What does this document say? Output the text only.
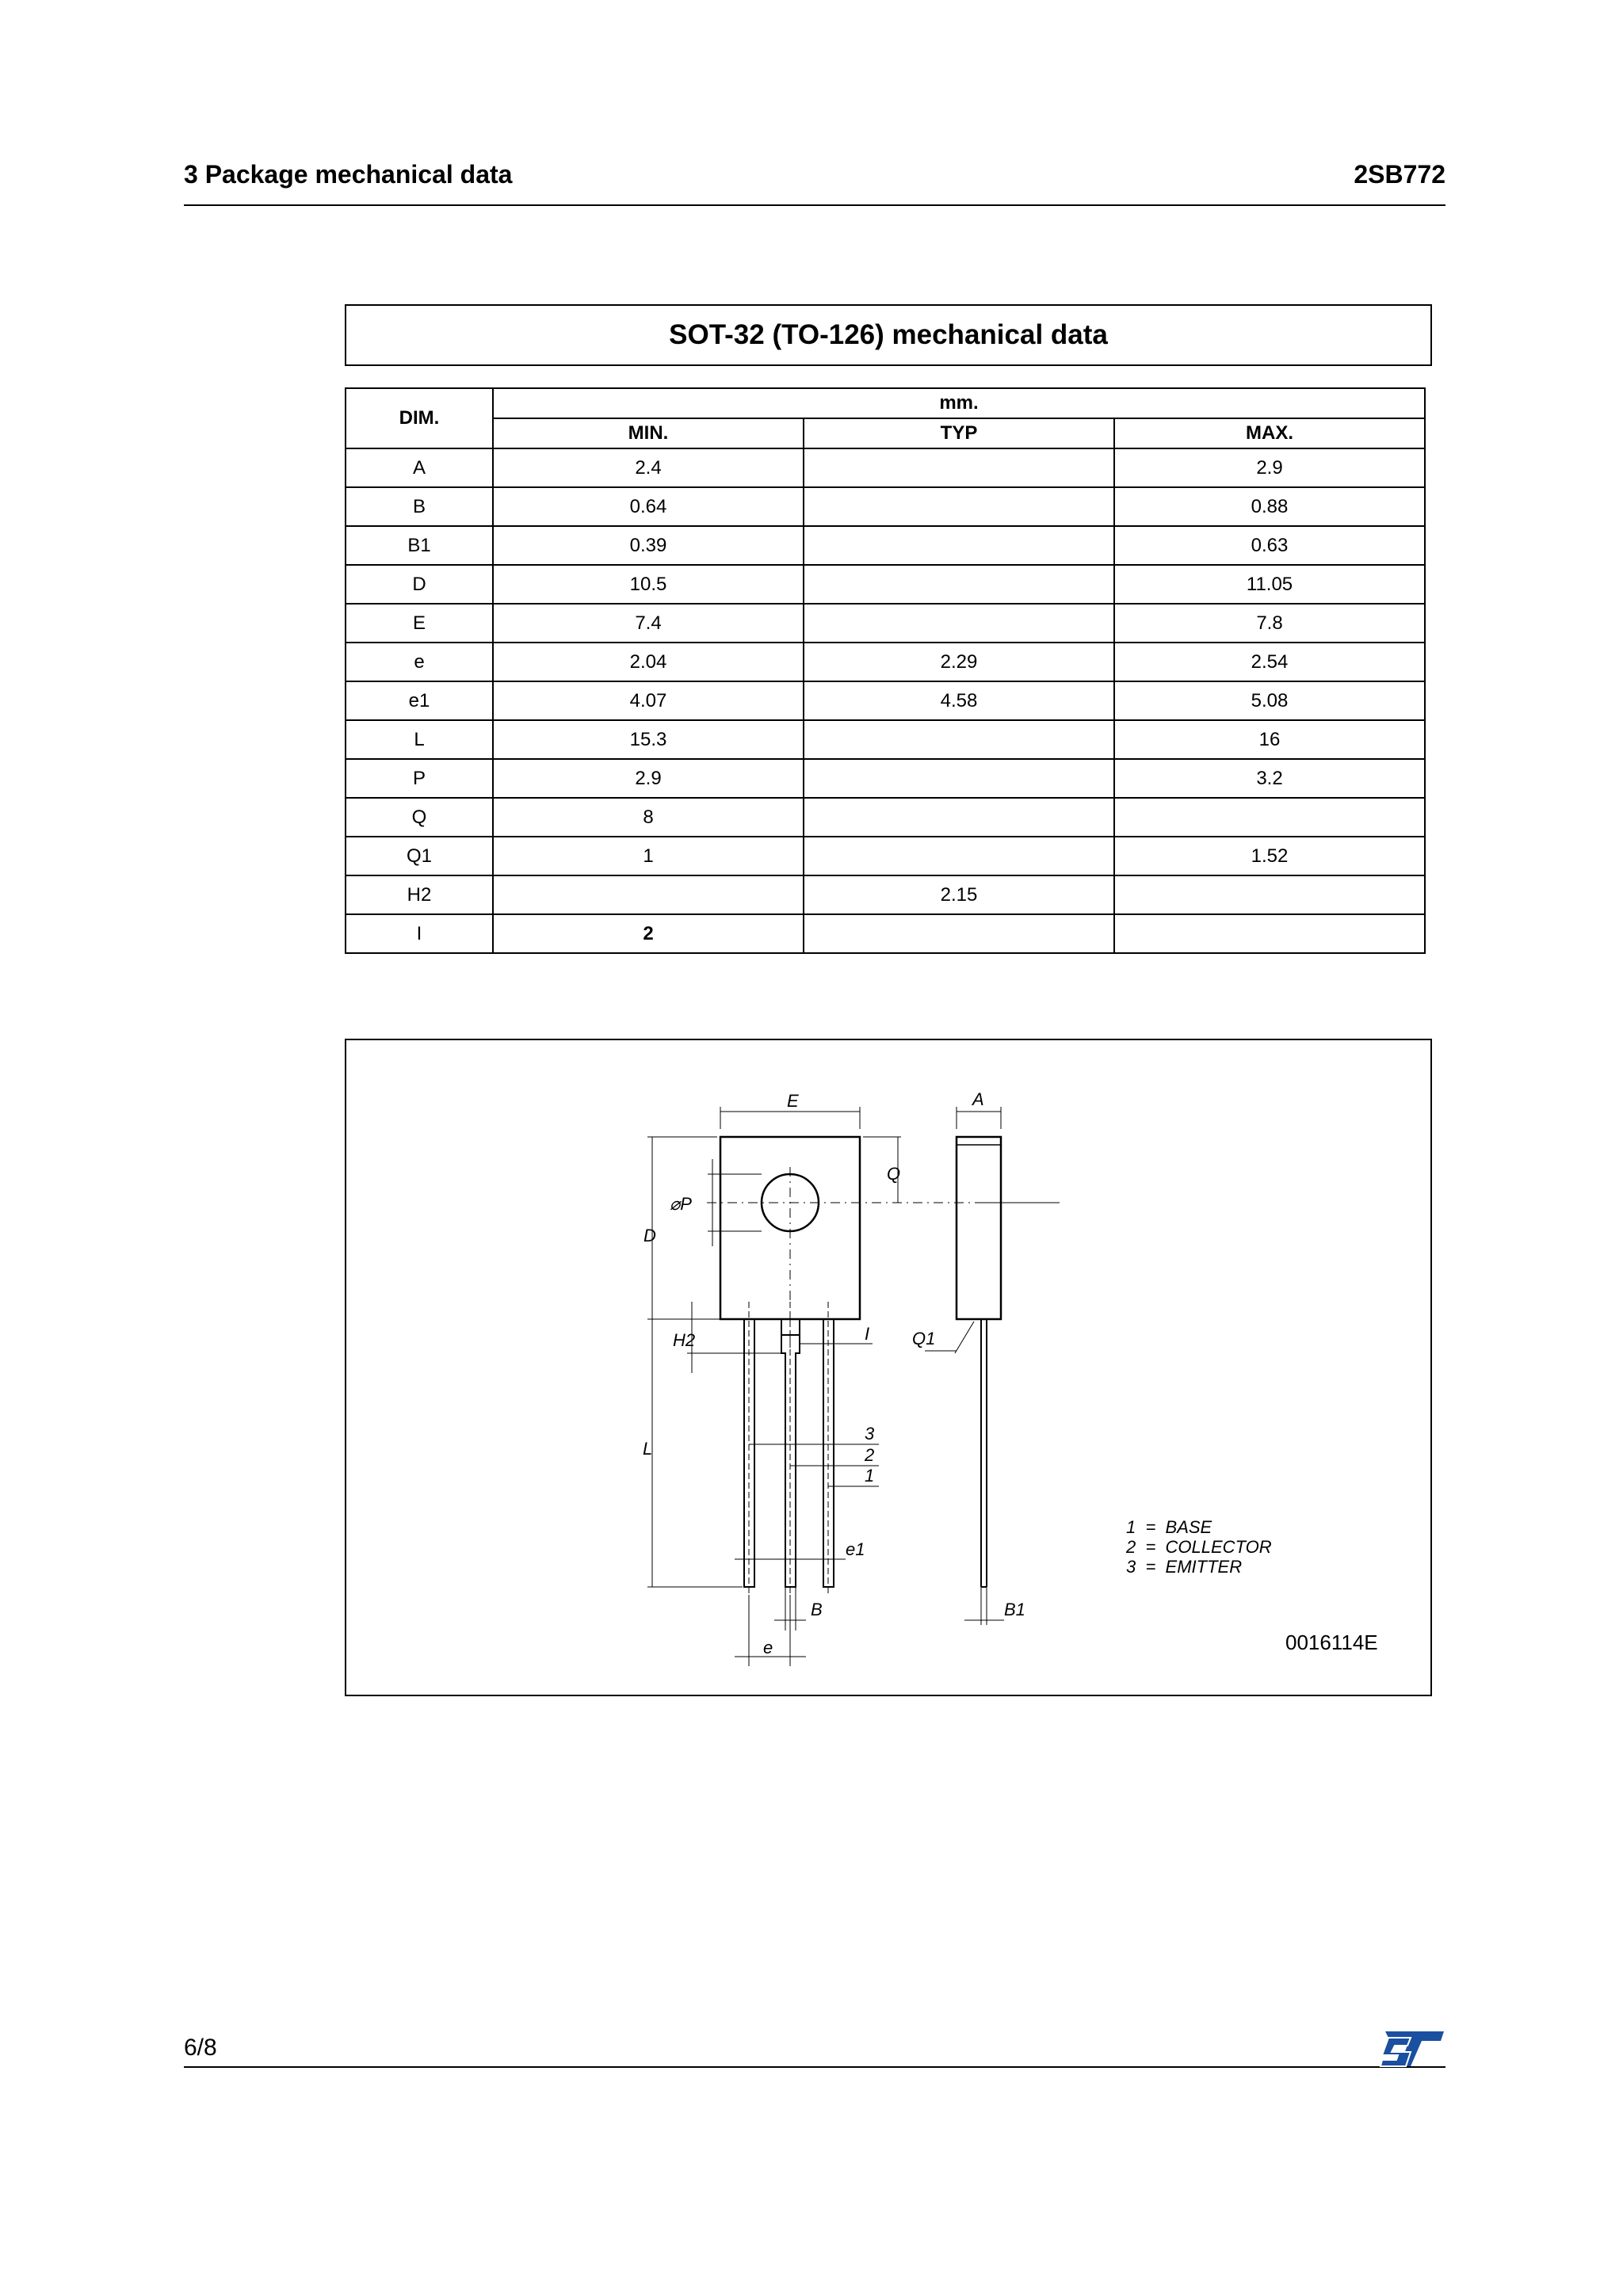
3 Package mechanical data	2SB772
SOT-32 (TO-126) mechanical data
DIM.	mm.		
	MIN.	TYP	MAX.
A	2.4		2.9
B	0.64		0.88
B1	0.39		0.63
D	10.5		11.05
E	7.4		7.8
e	2.04	2.29	2.54
e1	4.07	4.58	5.08
L	15.3		16
P	2.9		3.2
Q	8		
Q1	1		1.52
H2		2.15	
I	2		
E	A
Q
⌀P
D
H2	I Q1
L
3
2
1
e1
B
e
B1
1  =  BASE
2  =  COLLECTOR
3  =  EMITTER
0016114E
6/8
